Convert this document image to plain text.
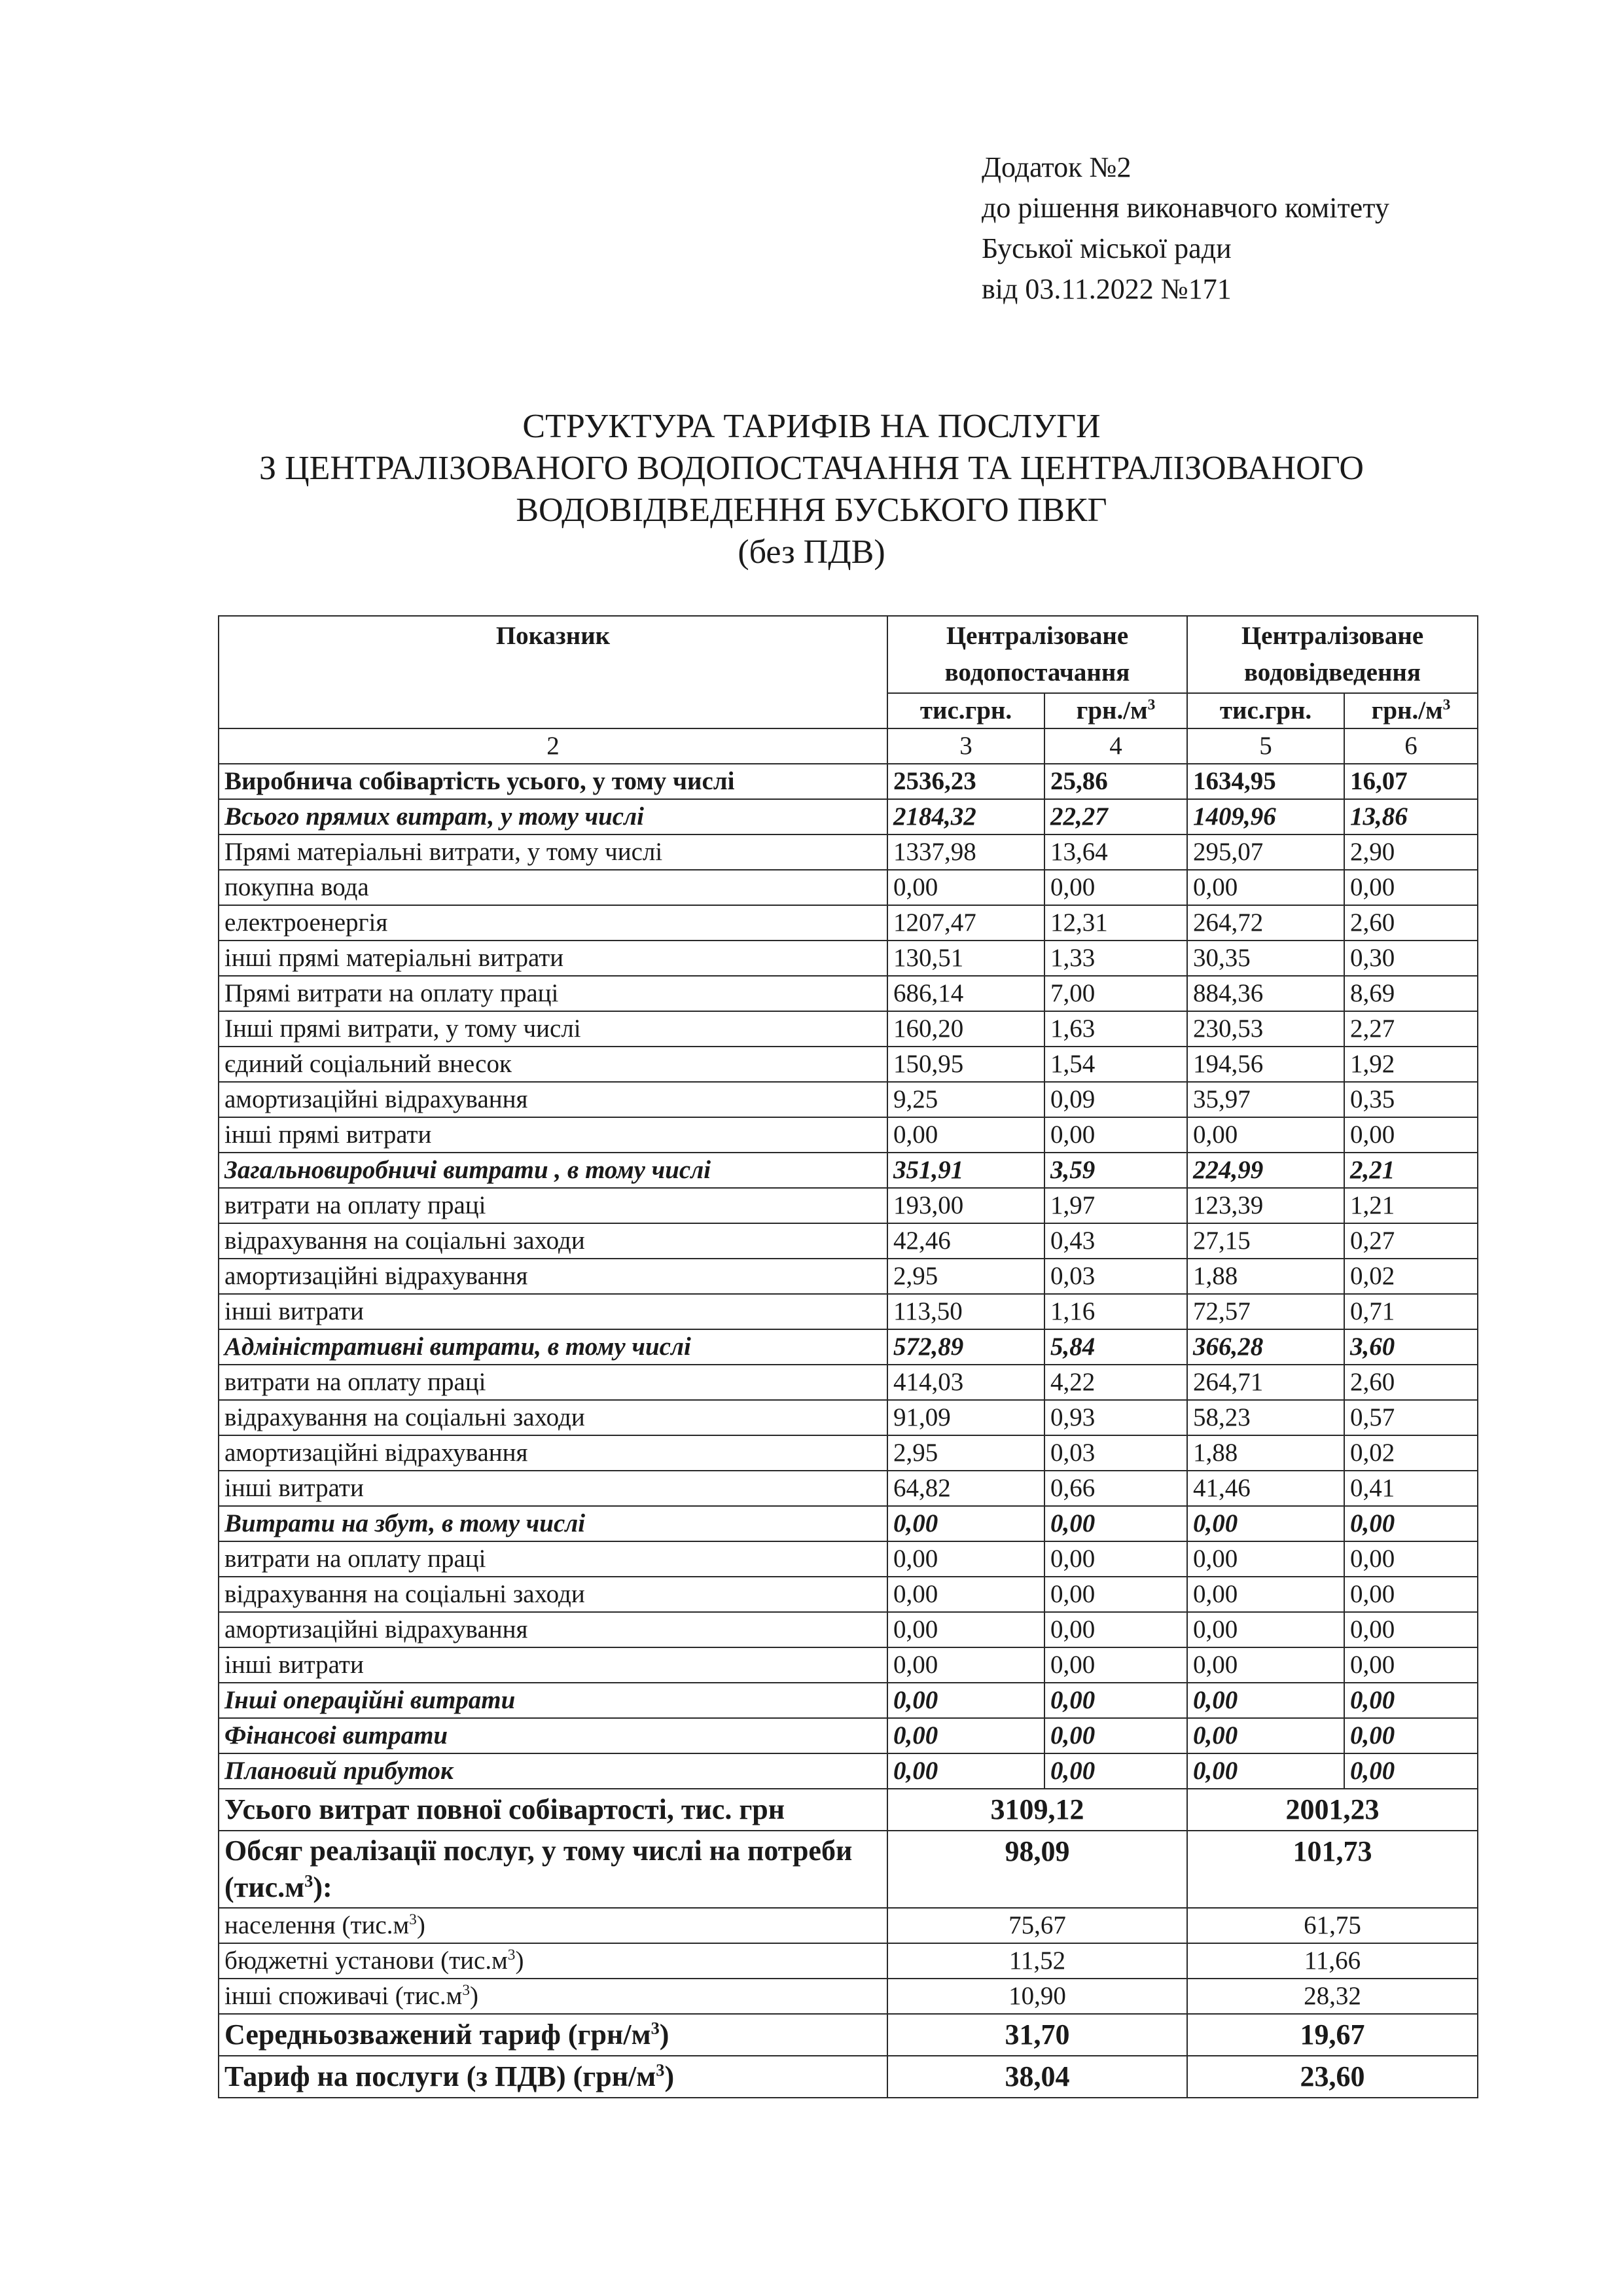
Додаток №2
до рішення виконавчого комітету
Буської міської ради
від 03.11.2022 №171
СТРУКТУРА ТАРИФІВ НА ПОСЛУГИ
З ЦЕНТРАЛІЗОВАНОГО ВОДОПОСТАЧАННЯ ТА ЦЕНТРАЛІЗОВАНОГО
ВОДОВІДВЕДЕННЯ БУСЬКОГО ПВКГ
(без ПДВ)
Показник	Централізоване водопостачання		Централізоване водовідведення	
	тис.грн.	$грн./м^3$	тис.грн.	$грн./м^3$
2	3	4	5	6
Виробнича собівартість усього, у тому числі	2536,23	25,86	1634,95	16,07
Всього прямих витрат, у тому числі	2184,32	22,27	1409,96	13,86
Прямі матеріальні витрати, у тому числі	1337,98	13,64	295,07	2,90
покупна вода	0,00	0,00	0,00	0,00
електроенергія	1207,47	12,31	264,72	2,60
інші прямі матеріальні витрати	130,51	1,33	30,35	0,30
Прямі витрати на оплату праці	686,14	7,00	884,36	8,69
Інші прямі витрати, у тому числі	160,20	1,63	230,53	2,27
єдиний соціальний внесок	150,95	1,54	194,56	1,92
амортизаційні відрахування	9,25	0,09	35,97	0,35
інші прямі витрати	0,00	0,00	0,00	0,00
Загальновиробничі витрати , в тому числі	351,91	3,59	224,99	2,21
витрати на оплату праці	193,00	1,97	123,39	1,21
відрахування на соціальні заходи	42,46	0,43	27,15	0,27
амортизаційні відрахування	2,95	0,03	1,88	0,02
інші витрати	113,50	1,16	72,57	0,71
Адміністративні витрати, в тому числі	572,89	5,84	366,28	3,60
витрати на оплату праці	414,03	4,22	264,71	2,60
відрахування на соціальні заходи	91,09	0,93	58,23	0,57
амортизаційні відрахування	2,95	0,03	1,88	0,02
інші витрати	64,82	0,66	41,46	0,41
Витрати на збут, в тому числі	0,00	0,00	0,00	0,00
витрати на оплату праці	0,00	0,00	0,00	0,00
відрахування на соціальні заходи	0,00	0,00	0,00	0,00
амортизаційні відрахування	0,00	0,00	0,00	0,00
інші витрати	0,00	0,00	0,00	0,00
Інші операційні витрати	0,00	0,00	0,00	0,00
Фінансові витрати	0,00	0,00	0,00	0,00
Плановий прибуток	0,00	0,00	0,00	0,00
Усього витрат повної собівартості, тис. грн	3109,12		2001,23	
Обсяг реалізації послуг, у тому числі на потреби $(тис.м^3)$:	98,09		101,73	
населення $(тис.м^3)$	75,67		61,75	
бюджетні установи $(тис.м^3)$	11,52		11,66	
інші споживачі $(тис.м^3)$	10,90		28,32	
Середньозважений тариф $(грн/м^3)$	31,70		19,67	
Тариф на послуги (з ПДВ) $(грн/м^3)$	38,04		23,60	
